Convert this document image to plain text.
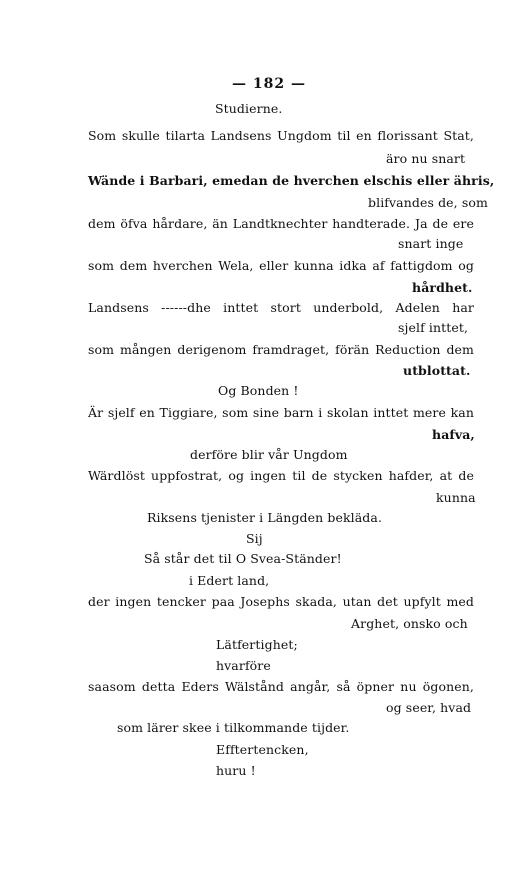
— 182 —
Studierne.
Som skulle tilarta Landsens Ungdom til en florissant Stat,
äro nu snart
Wände i Barbari, emedan de hverchen elschis eller ähris,
blifvandes de, som
dem öfva hårdare, än Landtknechter handterade. Ja de ere
snart inge
som dem hverchen Wela, eller kunna idka af fattigdom og
hårdhet.
Landsens ------dhe inttet stort underbold, Adelen har
sjelf inttet,
som mången derigenom framdraget, förän Reduction dem
utblottat.
Og Bonden !
Är sjelf en Tiggiare, som sine barn i skolan inttet mere kan
hafva,
derföre blir vår Ungdom
Wärdlöst uppfostrat, og ingen til de stycken hafder, at de
kunna
Riksens tjenister i Längden bekläda.
Sij
Så står det til O Svea-Ständer!
i Edert land,
der ingen tencker paa Josephs skada, utan det upfylt med
Arghet, onsko och
Lätfertighet;
hvarföre
saasom detta Eders Wälstånd angår, så öpner nu ögonen,
og seer, hvad
som lärer skee i tilkommande tijder.
Efftertencken,
huru !
